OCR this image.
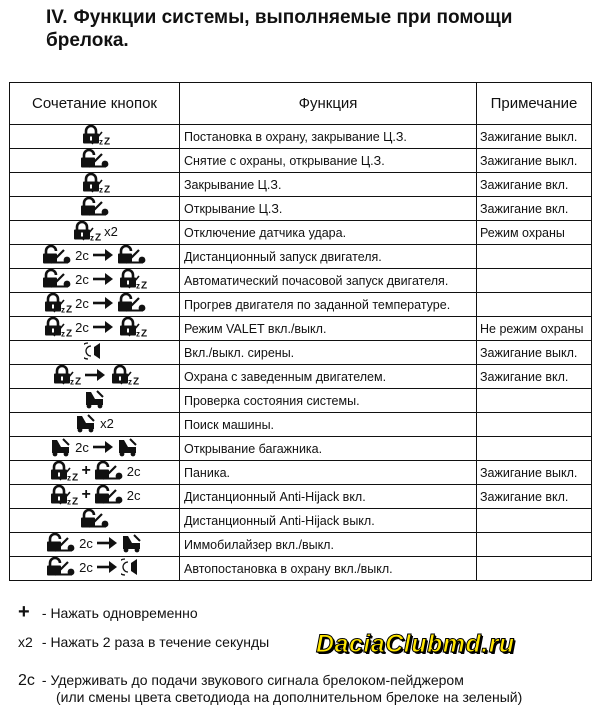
IV. Функции системы, выполняемые при помощи брелока.
Сочетание кнопок	Функция	Примечание

z Z	Постановка в охрану, закрывание Ц.З.	Зажигание выкл.

	Снятие с охраны, открывание Ц.З.	Зажигание выкл.

z Z	Закрывание Ц.З.	Зажигание вкл.

	Открывание Ц.З.	Зажигание вкл.

z Z x2	Отключение датчика удара.	Режим охраны

2с	Дистанционный запуск двигателя.	

2с z Z	Автоматический почасовой запуск двигателя.	

z Z 2с	Прогрев двигателя по заданной температуре.	

z Z 2с z Z	Режим VALET вкл./выкл.	Не режим охраны

	Вкл./выкл. сирены.	Зажигание выкл.

z Z z Z	Охрана с заведенным двигателем.	Зажигание вкл.

	Проверка состояния системы.	

x2	Поиск машины.	

2с	Открывание багажника.	

z Z + 2с	Паника.	Зажигание выкл.

z Z + 2с	Дистанционный Anti-Hijack вкл.	Зажигание вкл.

	Дистанционный Anti-Hijack выкл.	

2с	Иммобилайзер вкл./выкл.	

2с	Автопостановка в охрану вкл./выкл.	
+ - Нажать одновременно
x2 - Нажать 2 раза в течение секунды
2с - Удерживать до подачи звукового сигнала брелоком-пейджером
(или смены цвета светодиода на дополнительном брелоке на зеленый)
DaciaClubmd.ru
